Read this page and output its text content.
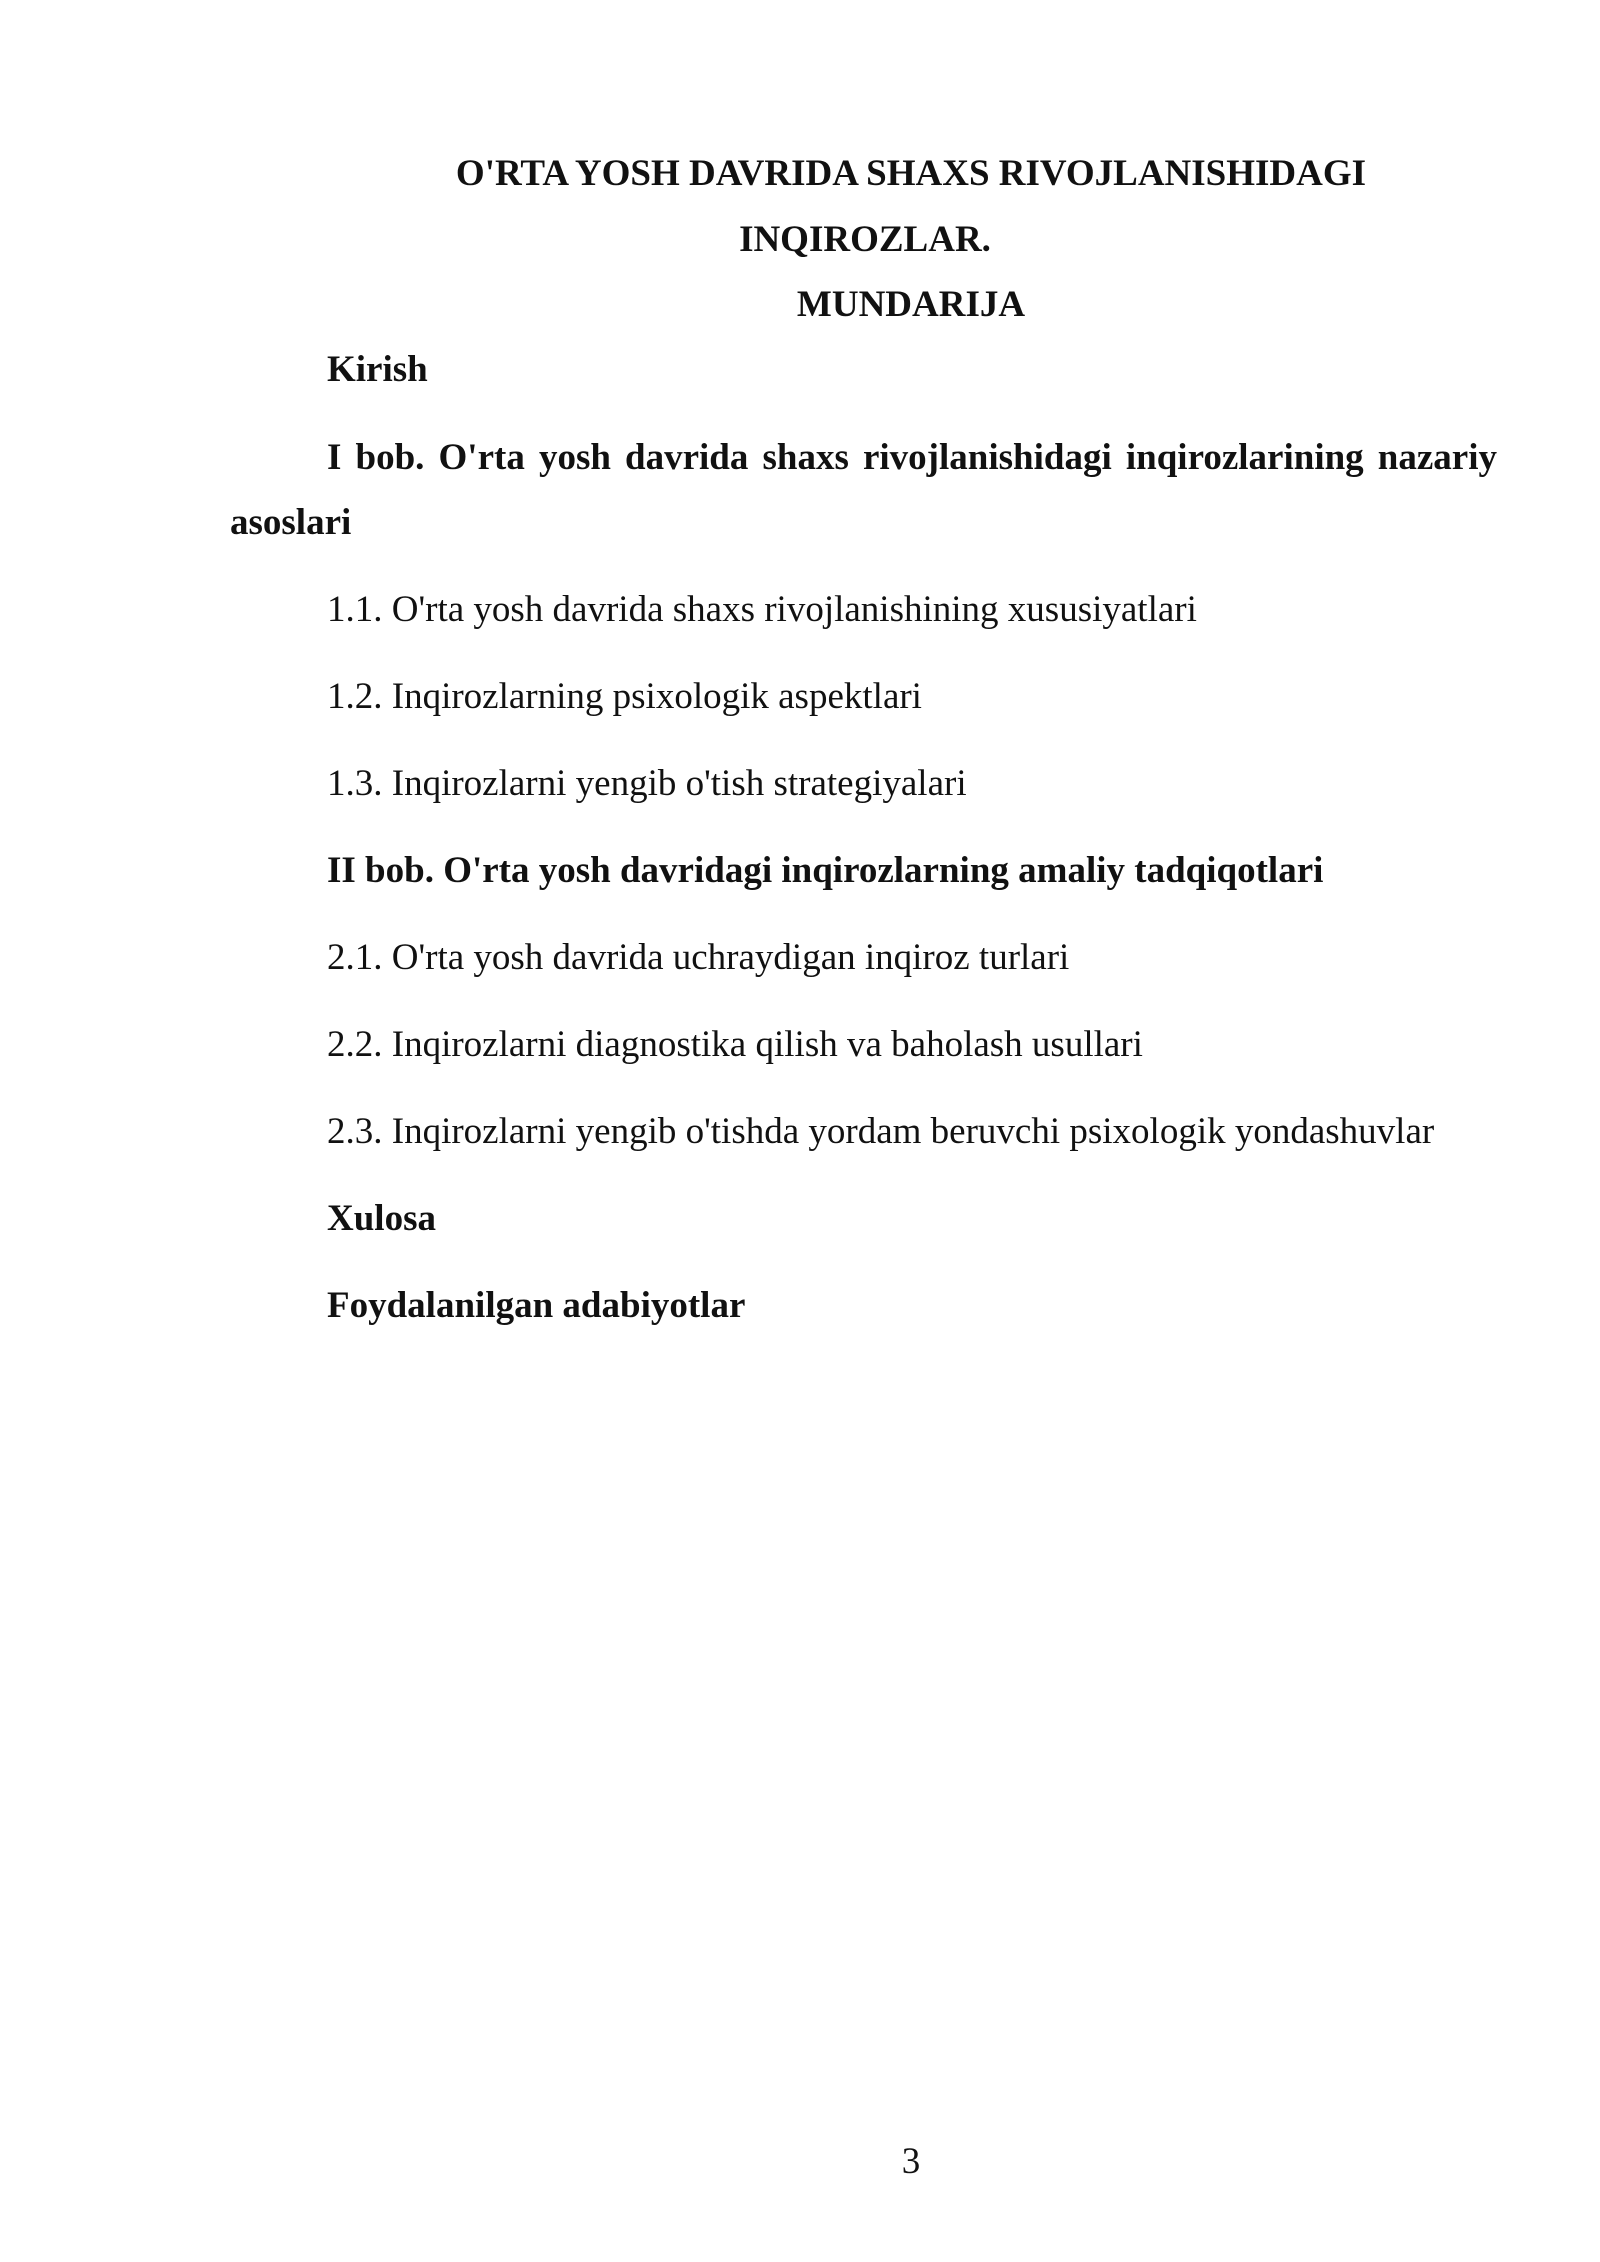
O'RTA YOSH DAVRIDA SHAXS RIVOJLANISHIDAGI
INQIROZLAR.
MUNDARIJA
Kirish
I bob. O'rta yosh davrida shaxs rivojlanishidagi inqirozlarining nazariy
asoslari
1.1. O'rta yosh davrida shaxs rivojlanishining xususiyatlari
1.2. Inqirozlarning psixologik aspektlari
1.3. Inqirozlarni yengib o'tish strategiyalari
II bob. O'rta yosh davridagi inqirozlarning amaliy tadqiqotlari
2.1. O'rta yosh davrida uchraydigan inqiroz turlari
2.2. Inqirozlarni diagnostika qilish va baholash usullari
2.3. Inqirozlarni yengib o'tishda yordam beruvchi psixologik yondashuvlar
Xulosa
Foydalanilgan adabiyotlar
3
